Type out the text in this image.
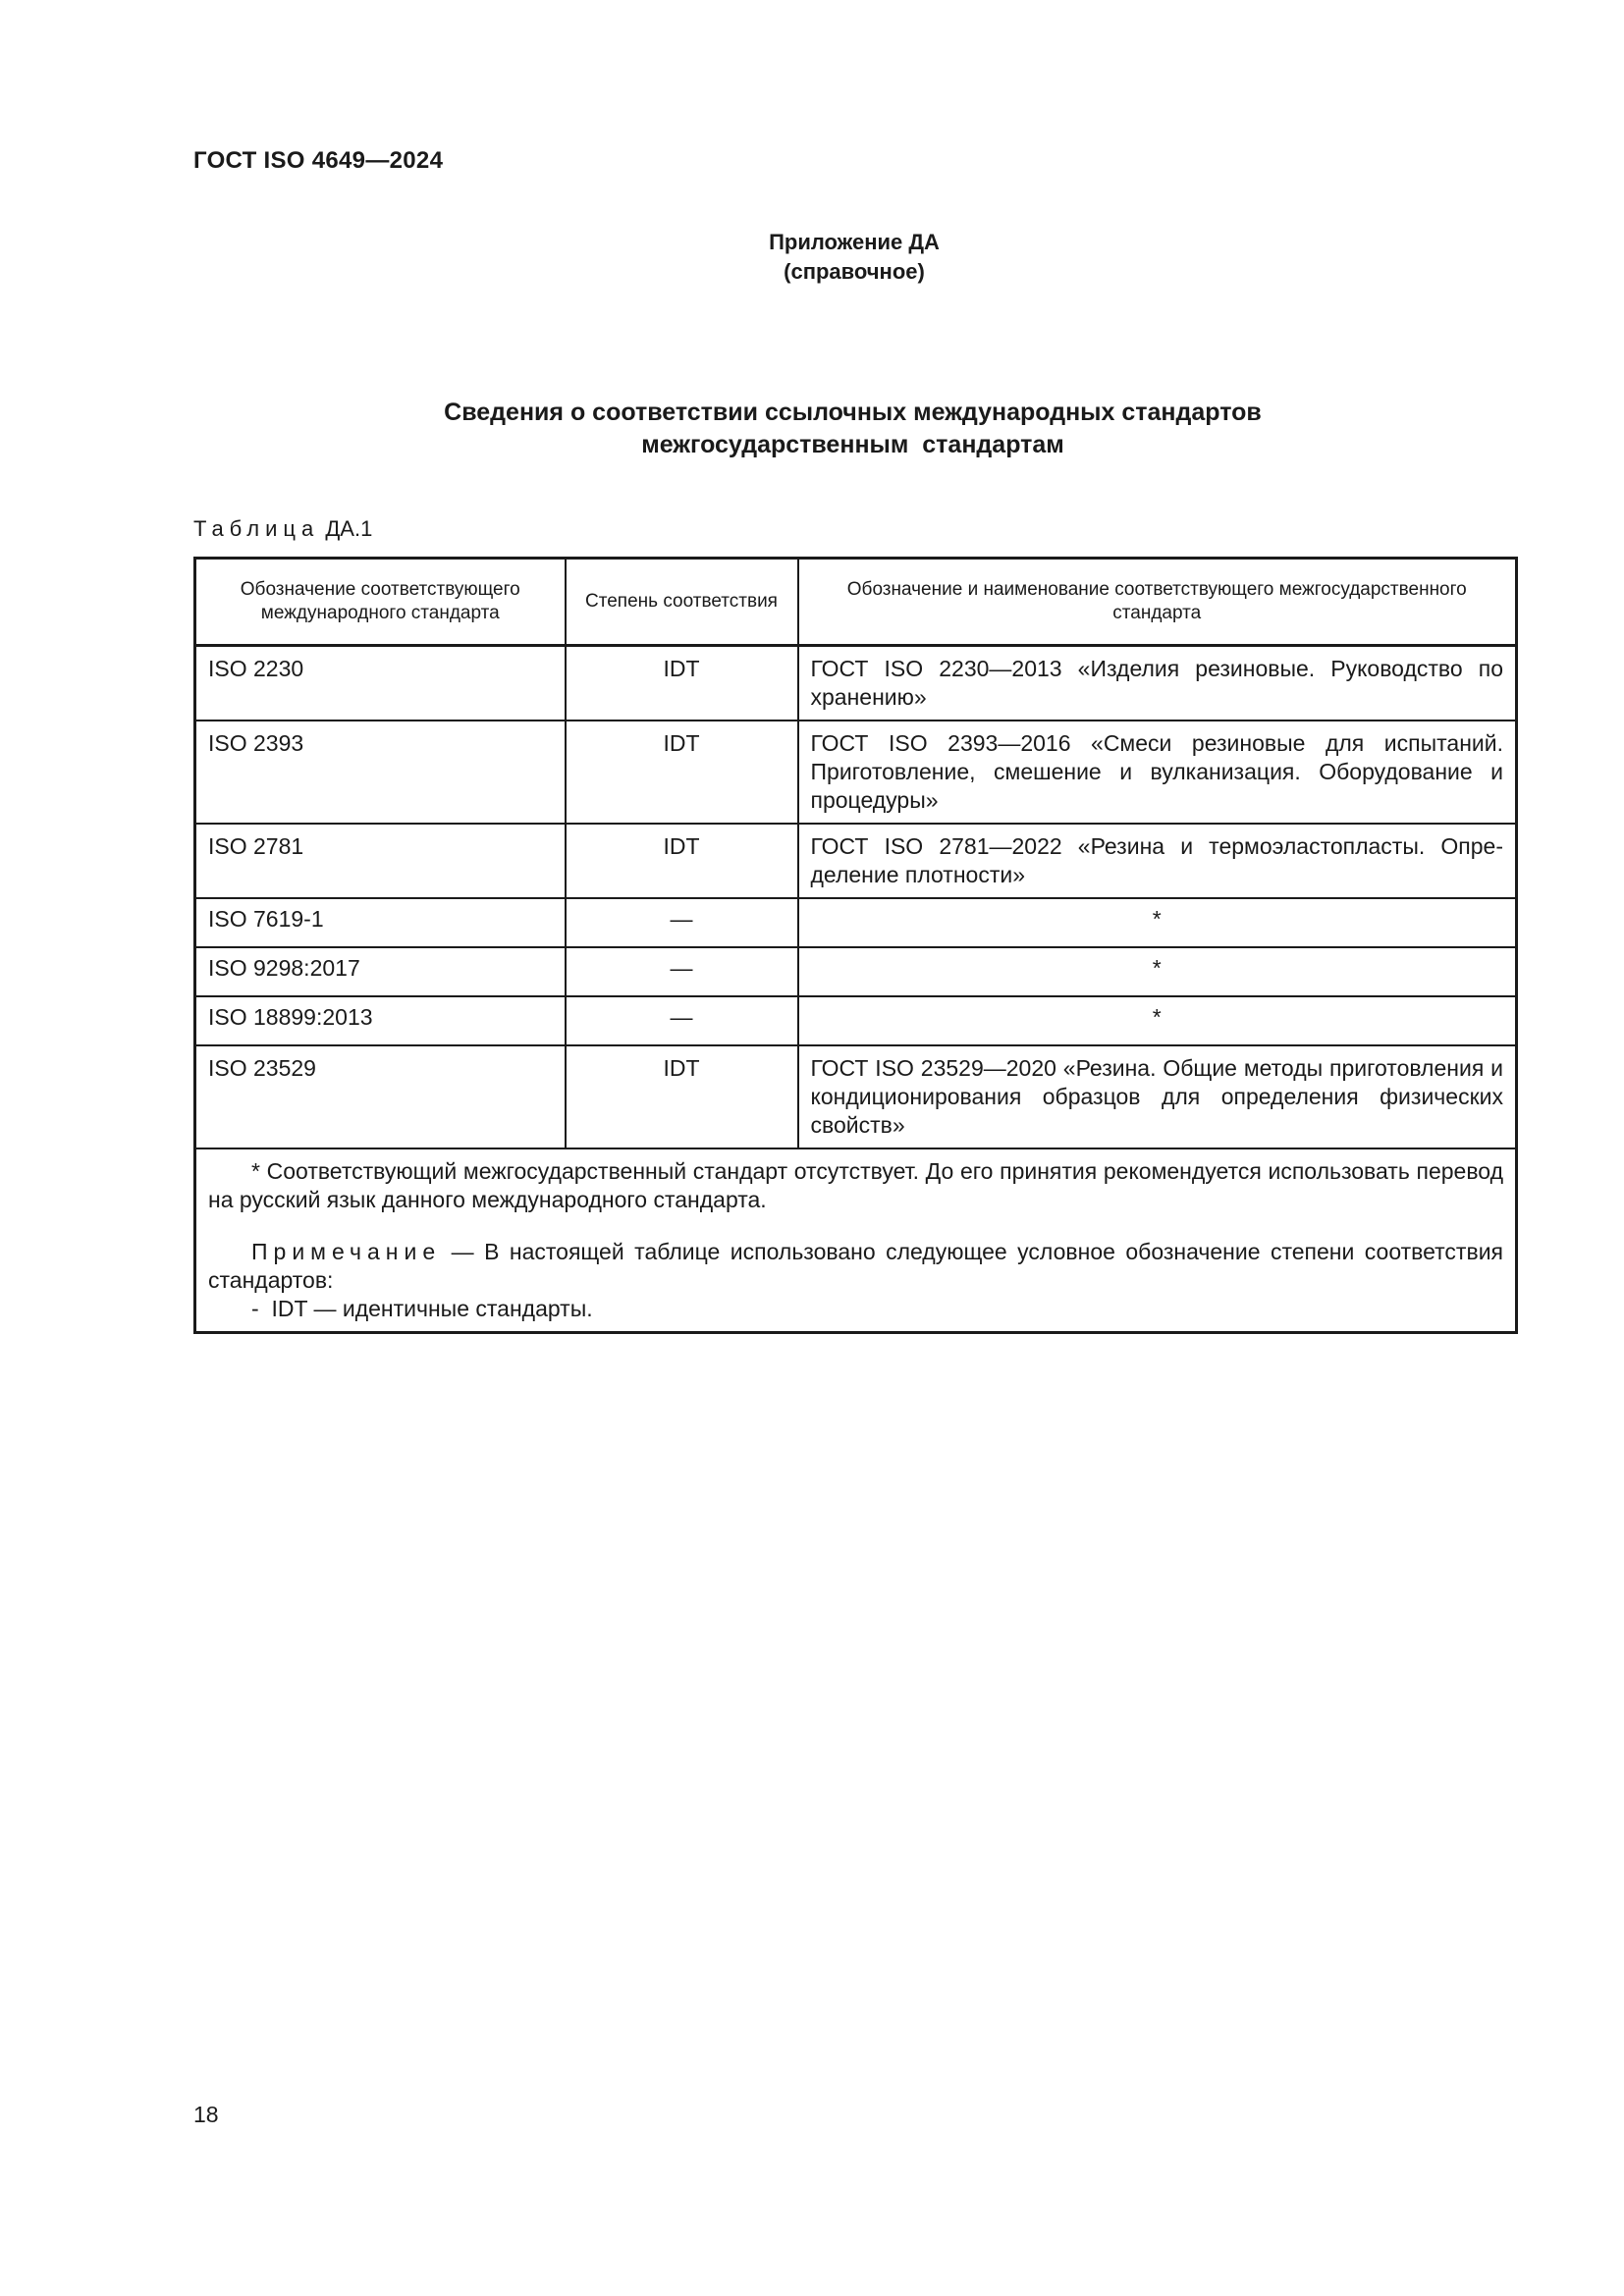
ГОСТ ISO 4649—2024
Приложение ДА
(справочное)
Сведения о соответствии ссылочных международных стандартов
межгосударственным  стандартам
Таблица ДА.1
Обозначение соответствующего международного стандарта	Степень соответствия	Обозначение и наименование соответствующего межгосударственного стандарта
ISO 2230	IDT	ГОСТ ISO 2230—2013 «Изделия резиновые. Руководство по хранению»
ISO 2393	IDT	ГОСТ ISO 2393—2016 «Смеси резиновые для испытаний. Приготовление, смешение и вулканизация. Оборудование и процедуры»
ISO 2781	IDT	ГОСТ ISO 2781—2022 «Резина и термоэластопласты. Определение плотности»
ISO 7619-1	—	*
ISO 9298:2017	—	*
ISO 18899:2013	—	*
ISO 23529	IDT	ГОСТ ISO 23529—2020 «Резина. Общие методы приготовления и кондиционирования образцов для определения физических свойств»

* Соответствующий межгосударственный стандарт отсутствует. До его принятия рекомендуется использовать перевод на русский язык данного международного стандарта.

Примечание — В настоящей таблице использовано следующее условное обозначение степени соответствия стандартов:

-  IDT — идентичные стандарты.		

18
